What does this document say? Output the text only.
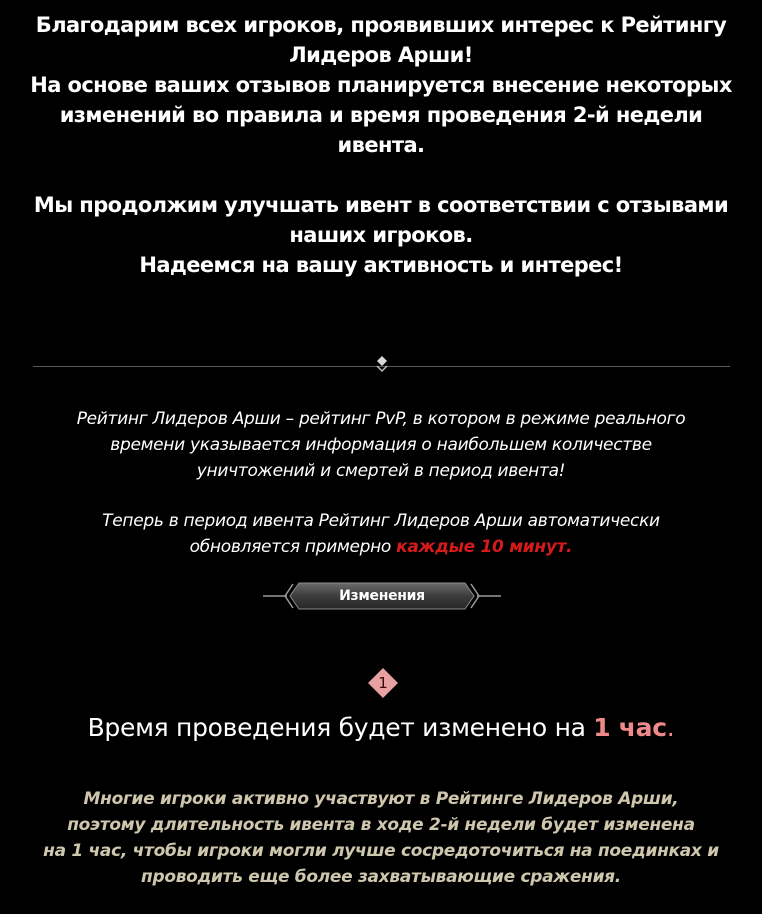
Благодарим всех игроков, проявивших интерес к Рейтингу

Лидеров Арши!

На основе ваших отзывов планируется внесение некоторых

изменений во правила и время проведения 2-й недели

ивента.

Мы продолжим улучшать ивент в соответствии с отзывами

наших игроков.

Надеемся на вашу активность и интерес!

Рейтинг Лидеров Арши – рейтинг PvP, в котором в режиме реального

времени указывается информация о наибольшем количестве

уничтожений и смертей в период ивента!

Теперь в период ивента Рейтинг Лидеров Арши автоматически

обновляется примерно каждые 10 минут.

Изменения
1
Время проведения будет изменено на 1 час.
Многие игроки активно участвуют в Рейтинге Лидеров Арши,
поэтому длительность ивента в ходе 2-й недели будет изменена
на 1 час, чтобы игроки могли лучше сосредоточиться на поединках и
проводить еще более захватывающие сражения.
